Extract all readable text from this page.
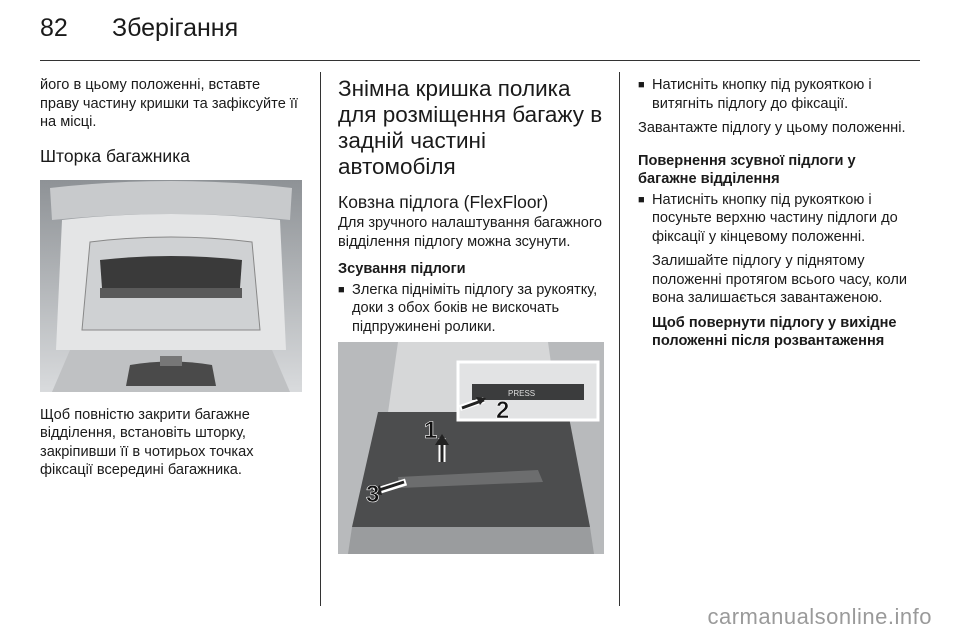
82	Зберігання

його в цьому положенні, вставте праву частину кришки та зафіксуйте її на місці.

Шторка багажника

Щоб повністю закрити багажне відділення, встановіть шторку, закріпивши її в чотирьох точках фіксації всередині багажника.

Знімна кришка полика для розміщення багажу в задній частині автомобіля
Ковзна підлога (FlexFloor)

Для зручного налаштування багажного відділення підлогу можна зсунути.

Зсування підлоги
■ Злегка підніміть підлогу за рукоятку, доки з обох боків не вискочать підпружинені ролики.
PRESS
1
2
3
■ Натисніть кнопку під рукояткою і витягніть підлогу до фіксації.

Завантажте підлогу у цьому положенні.

Повернення зсувної підлоги у багажне відділення
■ Натисніть кнопку під рукояткою і посуньте верхню частину підлоги до фіксації у кінцевому положенні.
Залишайте підлогу у піднятому положенні протягом всього часу, коли вона залишається завантаженою.
Щоб повернути підлогу у вихідне положенні після розвантаження
carmanualsonline.info
